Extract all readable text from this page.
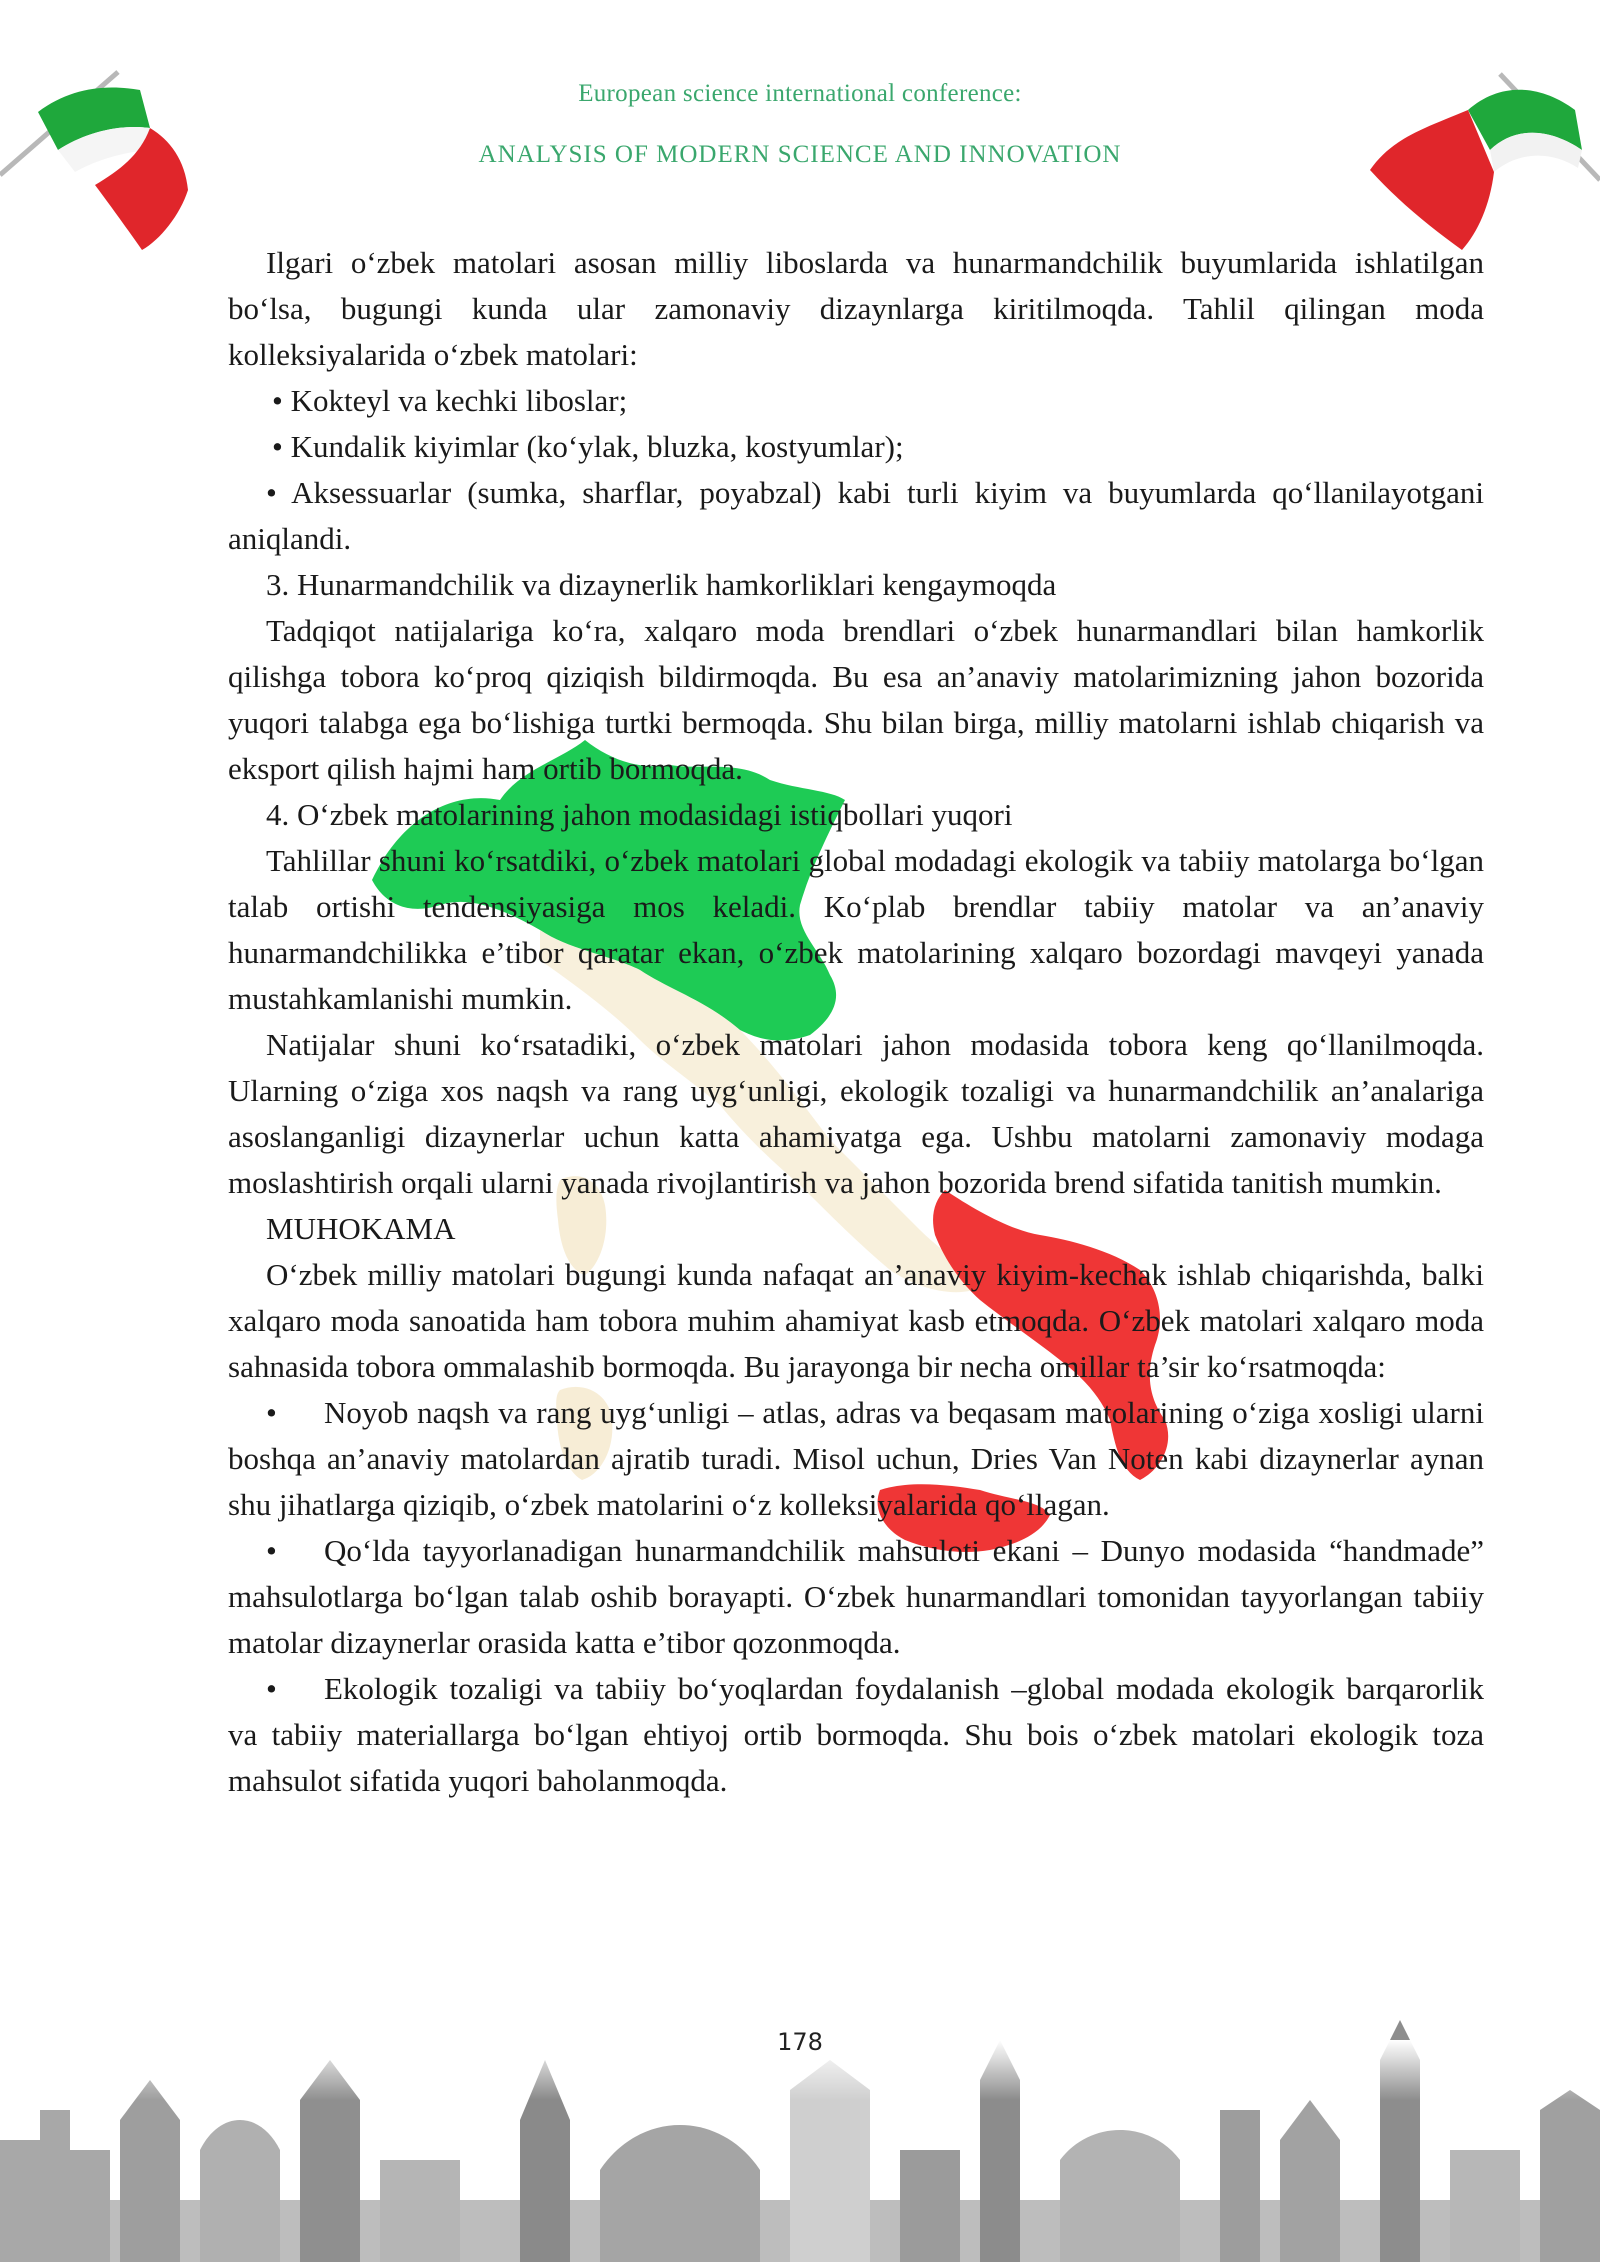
European science international conference:
ANALYSIS OF MODERN SCIENCE AND INNOVATION

Ilgari o‘zbek matolari asosan milliy liboslarda va hunarmandchilik buyumlarida ishlatilgan bo‘lsa, bugungi kunda ular zamonaviy dizaynlarga kiritilmoqda. Tahlil qilingan moda kolleksiyalarida o‘zbek matolari:

• Kokteyl va kechki liboslar;

• Kundalik kiyimlar (ko‘ylak, bluzka, kostyumlar);

• Aksessuarlar (sumka, sharflar, poyabzal) kabi turli kiyim va buyumlarda qo‘llanilayotgani aniqlandi.

3. Hunarmandchilik va dizaynerlik hamkorliklari kengaymoqda

Tadqiqot natijalariga ko‘ra, xalqaro moda brendlari o‘zbek hunarmandlari bilan hamkorlik qilishga tobora ko‘proq qiziqish bildirmoqda. Bu esa an’anaviy matolarimizning jahon bozorida yuqori talabga ega bo‘lishiga turtki bermoqda. Shu bilan birga, milliy matolarni ishlab chiqarish va eksport qilish hajmi ham ortib bormoqda.

4. O‘zbek matolarining jahon modasidagi istiqbollari yuqori

Tahlillar shuni ko‘rsatdiki, o‘zbek matolari global modadagi ekologik va tabiiy matolarga bo‘lgan talab ortishi tendensiyasiga mos keladi. Ko‘plab brendlar tabiiy matolar va an’anaviy hunarmandchilikka e’tibor qaratar ekan, o‘zbek matolarining xalqaro bozordagi mavqeyi yanada mustahkamlanishi mumkin.

Natijalar shuni ko‘rsatadiki, o‘zbek matolari jahon modasida tobora keng qo‘llanilmoqda. Ularning o‘ziga xos naqsh va rang uyg‘unligi, ekologik tozaligi va hunarmandchilik an’analariga asoslanganligi dizaynerlar uchun katta ahamiyatga ega. Ushbu matolarni zamonaviy modaga moslashtirish orqali ularni yanada rivojlantirish va jahon bozorida brend sifatida tanitish mumkin.

MUHOKAMA

O‘zbek milliy matolari bugungi kunda nafaqat an’anaviy kiyim-kechak ishlab chiqarishda, balki xalqaro moda sanoatida ham tobora muhim ahamiyat kasb etmoqda. O‘zbek matolari xalqaro moda sahnasida tobora ommalashib bormoqda. Bu jarayonga bir necha omillar ta’sir ko‘rsatmoqda:

• Noyob naqsh va rang uyg‘unligi – atlas, adras va beqasam matolarining o‘ziga xosligi ularni boshqa an’anaviy matolardan ajratib turadi. Misol uchun, Dries Van Noten kabi dizaynerlar aynan shu jihatlarga qiziqib, o‘zbek matolarini o‘z kolleksiyalarida qo‘llagan.

• Qo‘lda tayyorlanadigan hunarmandchilik mahsuloti ekani – Dunyo modasida “handmade” mahsulotlarga bo‘lgan talab oshib borayapti. O‘zbek hunarmandlari tomonidan tayyorlangan tabiiy matolar dizaynerlar orasida katta e’tibor qozonmoqda.

• Ekologik tozaligi va tabiiy bo‘yoqlardan foydalanish –global modada ekologik barqarorlik va tabiiy materiallarga bo‘lgan ehtiyoj ortib bormoqda. Shu bois o‘zbek matolari ekologik toza mahsulot sifatida yuqori baholanmoqda.

178
